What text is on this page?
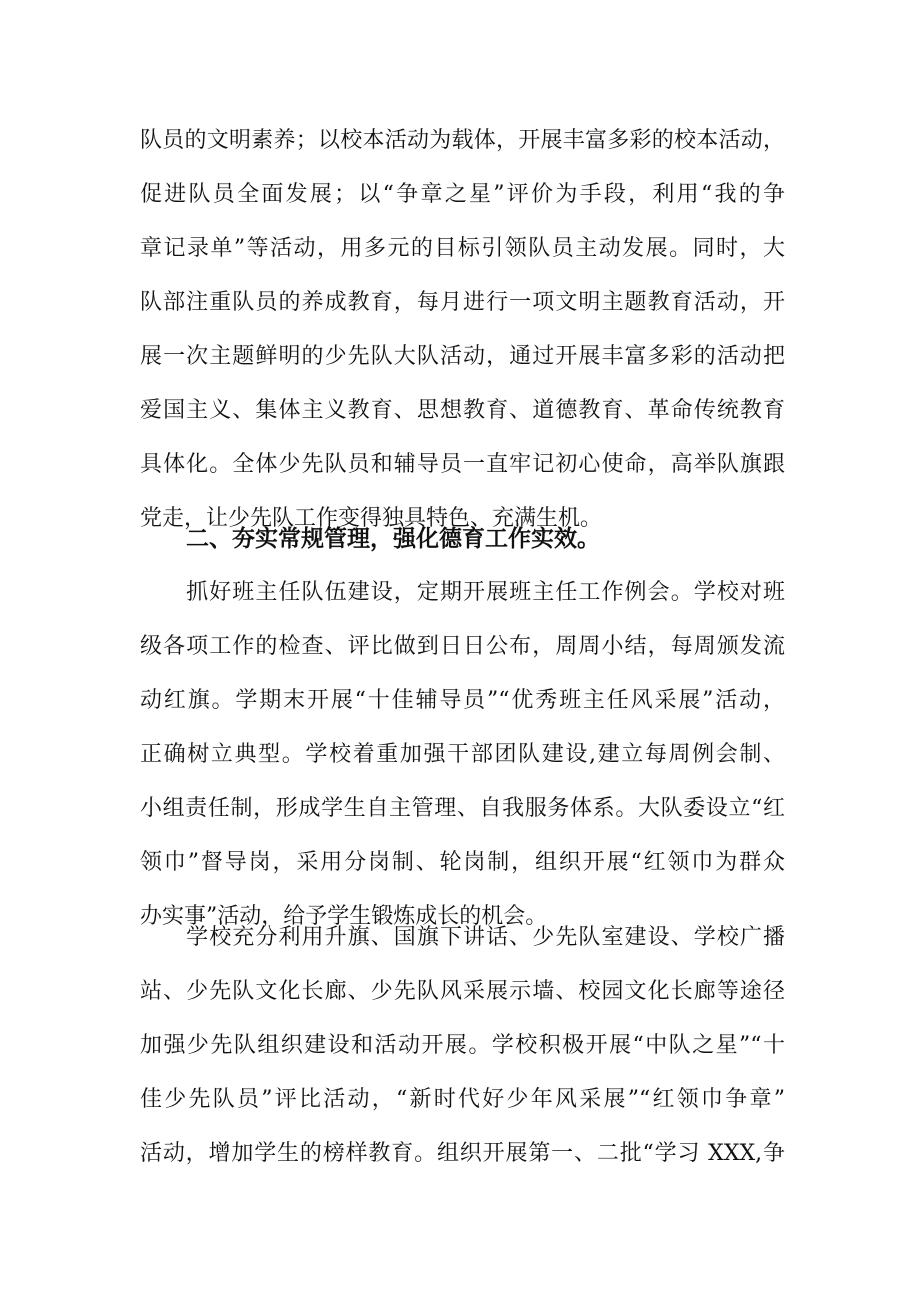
队员的文明素养；以校本活动为载体，开展丰富多彩的校本活动，
促进队员全面发展；以“争章之星”评价为手段，利用“我的争
章记录单”等活动，用多元的目标引领队员主动发展。同时，大
队部注重队员的养成教育，每月进行一项文明主题教育活动，开
展一次主题鲜明的少先队大队活动，通过开展丰富多彩的活动把
爱国主义、集体主义教育、思想教育、道德教育、革命传统教育
具体化。全体少先队员和辅导员一直牢记初心使命，高举队旗跟
党走，让少先队工作变得独具特色、充满生机。
二、夯实常规管理，强化德育工作实效。
　　抓好班主任队伍建设，定期开展班主任工作例会。学校对班
级各项工作的检查、评比做到日日公布，周周小结，每周颁发流
动红旗。学期末开展“十佳辅导员”“优秀班主任风采展”活动，
正确树立典型。学校着重加强干部团队建设,建立每周例会制、
小组责任制，形成学生自主管理、自我服务体系。大队委设立“红
领巾”督导岗，采用分岗制、轮岗制，组织开展“红领巾为群众
办实事”活动，给予学生锻炼成长的机会。
　　学校充分利用升旗、国旗下讲话、少先队室建设、学校广播
站、少先队文化长廊、少先队风采展示墙、校园文化长廊等途径
加强少先队组织建设和活动开展。学校积极开展“中队之星”“十
佳少先队员”评比活动，“新时代好少年风采展”“红领巾争章”
活动，增加学生的榜样教育。组织开展第一、二批“学习 XXX,争
